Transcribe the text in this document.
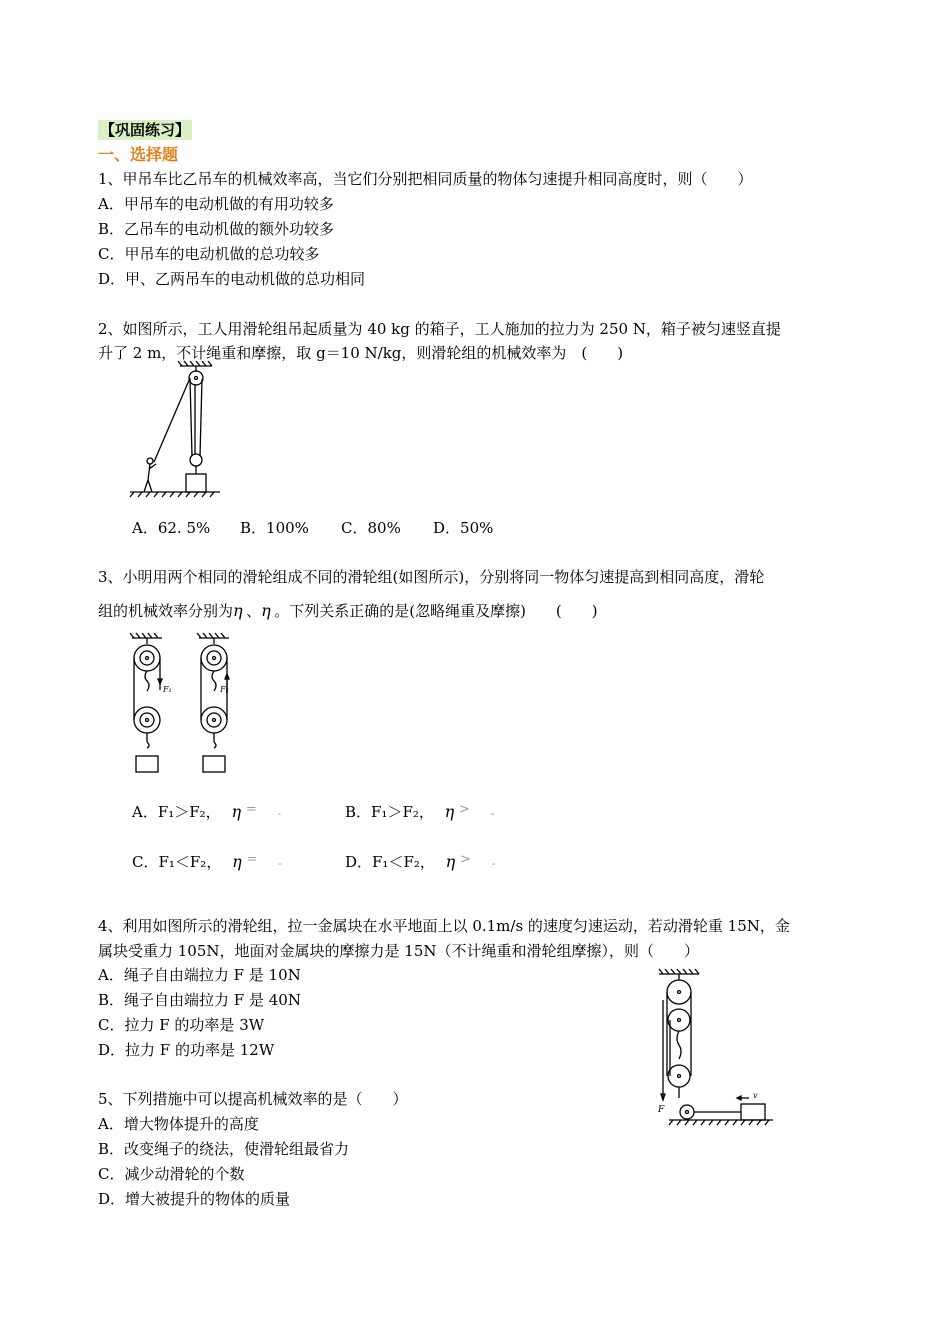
【巩固练习】
一、选择题
1、甲吊车比乙吊车的机械效率高，当它们分别把相同质量的物体匀速提升相同高度时，则（　　）
A．甲吊车的电动机做的有用功较多
B．乙吊车的电动机做的额外功较多
C．甲吊车的电动机做的总功较多
D．甲、乙两吊车的电动机做的总功相同
2、如图所示，工人用滑轮组吊起质量为 40 kg 的箱子，工人施加的拉力为 250 N，箱子被匀速竖直提
升了 2 m，不计绳重和摩擦，取 g＝10 N/kg，则滑轮组的机械效率为　(　　)
A．62. 5% B．100% C．80% D．50%
3、小明用两个相同的滑轮组成不同的滑轮组(如图所示)，分别将同一物体匀速提高到相同高度，滑轮
组的机械效率分别为η 、η 。下列关系正确的是(忽略绳重及摩擦)　　(　　)
F₁	F₂
A．F₁＞F₂， η = -	B．F₁＞F₂， η > -
C．F₁＜F₂， η = -	D．F₁＜F₂， η > -
4、利用如图所示的滑轮组，拉一金属块在水平地面上以 0.1m/s 的速度匀速运动，若动滑轮重 15N，金
属块受重力 105N，地面对金属块的摩擦力是 15N（不计绳重和滑轮组摩擦），则（　　）
A．绳子自由端拉力 F 是 10N
B．绳子自由端拉力 F 是 40N
C．拉力 F 的功率是 3W
D．拉力 F 的功率是 12W
F
v
5、下列措施中可以提高机械效率的是（　　）
A．增大物体提升的高度
B．改变绳子的绕法，使滑轮组最省力
C．减少动滑轮的个数
D．增大被提升的物体的质量
